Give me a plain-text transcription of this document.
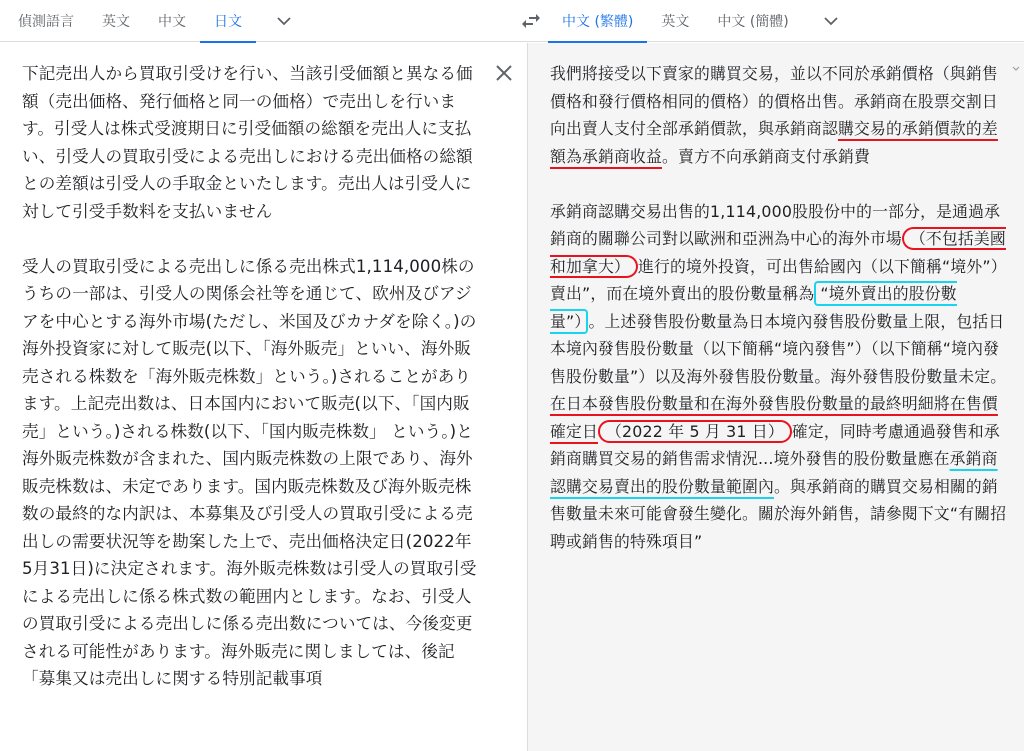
偵測語言	英文	中文	日文	中文 (繁體)	英文	中文 (簡體)
下記売出人から買取引受けを行い、当該引受価額と異なる価額（売出価格、発行価格と同一の価格）で売出しを行います。引受人は株式受渡期日に引受価額の総額を売出人に支払い、引受人の買取引受による売出しにおける売出価格の総額との差額は引受人の手取金といたします。売出人は引受人に対して引受手数料を支払いません

受人の買取引受による売出しに係る売出株式1,114,000株のうちの一部は、引受人の関係会社等を通じて、欧州及びアジアを中心とする海外市場(ただし、米国及びカナダを除く。)の海外投資家に対して販売(以下、「海外販売」といい、海外販売される株数を「海外販売株数」という。)されることがあります。上記売出数は、日本国内において販売(以下、「国内販売」という。)される株数(以下、「国内販売株数」 という。)と海外販売株数が含まれた、国内販売株数の上限であり、海外販売株数は、未定であります。国内販売株数及び海外販売株数の最終的な内訳は、本募集及び引受人の買取引受による売出しの需要状況等を勘案した上で、売出価格決定日(2022年 5月31日)に決定されます。海外販売株数は引受人の買取引受による売出しに係る株式数の範囲内とします。なお、引受人の買取引受による売出しに係る売出数については、今後変更される可能性があります。海外販売に関しましては、後記「募集又は売出しに関する特別記載事項
我們將接受以下賣家的購買交易，並以不同於承銷價格（與銷售價格和發行價格相同的價格）的價格出售。承銷商在股票交割日向出賣人支付全部承銷價款，與承銷商認購交易的承銷價款的差額為承銷商收益。賣方不向承銷商支付承銷費
承銷商認購交易出售的1,114,000股股份中的一部分，是通過承銷商的關聯公司對以歐洲和亞洲為中心的海外市場 （不包括美國和加拿大） 進行的境外投資，可出售給國內（以下簡稱“境外”）賣出”，而在境外賣出的股份數量稱為 “境外賣出的股份數量”） 。上述發售股份數量為日本境內發售股份數量上限，包括日本境內發售股份數量（以下簡稱“境內發售”）（以下簡稱“境內發售股份數量”）以及海外發售股份數量。海外發售股份數量未定。在日本發售股份數量和在海外發售股份數量的最終明細將在售價確定日 （2022 年 5 月 31 日） 確定，同時考慮通過發售和承銷商購買交易的銷售需求情況...境外發售的股份數量應在承銷商認購交易賣出的股份數量範圍內。與承銷商的購買交易相關的銷售數量未來可能會發生變化。關於海外銷售，請參閱下文“有關招聘或銷售的特殊項目”
